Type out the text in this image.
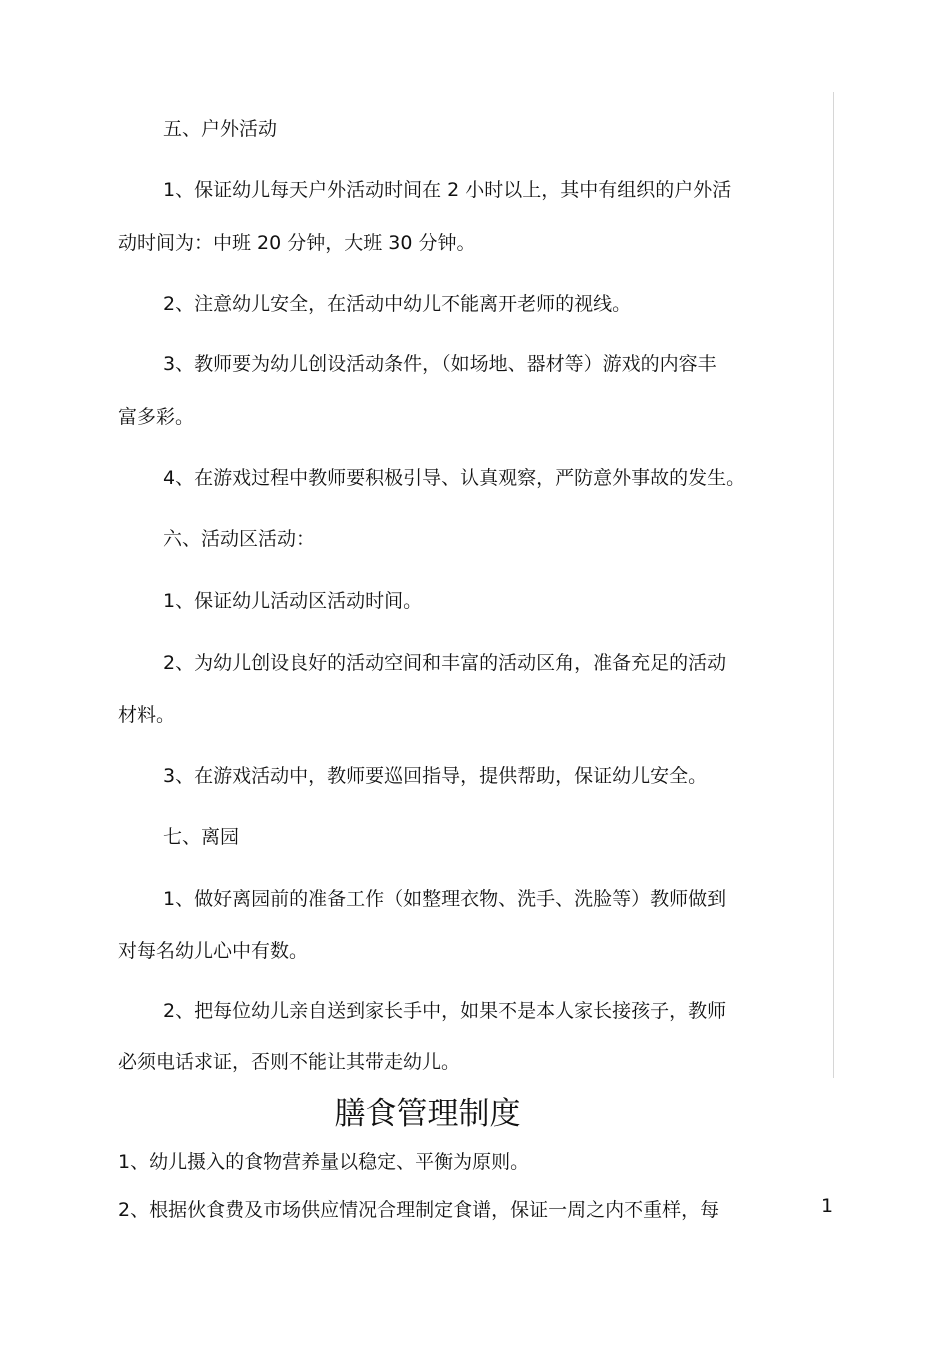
五、户外活动
1、保证幼儿每天户外活动时间在 2 小时以上，其中有组织的户外活
动时间为：中班 20 分钟，大班 30 分钟。
2、注意幼儿安全，在活动中幼儿不能离开老师的视线。
3、教师要为幼儿创设活动条件，（如场地、器材等）游戏的内容丰
富多彩。
4、在游戏过程中教师要积极引导、认真观察，严防意外事故的发生。
六、活动区活动：
1、保证幼儿活动区活动时间。
2、为幼儿创设良好的活动空间和丰富的活动区角，准备充足的活动
材料。
3、在游戏活动中，教师要巡回指导，提供帮助，保证幼儿安全。
七、离园
1、做好离园前的准备工作（如整理衣物、洗手、洗脸等）教师做到
对每名幼儿心中有数。
2、把每位幼儿亲自送到家长手中，如果不是本人家长接孩子，教师
必须电话求证，否则不能让其带走幼儿。
膳食管理制度
1、幼儿摄入的食物营养量以稳定、平衡为原则。
2、根据伙食费及市场供应情况合理制定食谱，保证一周之内不重样，每	1
